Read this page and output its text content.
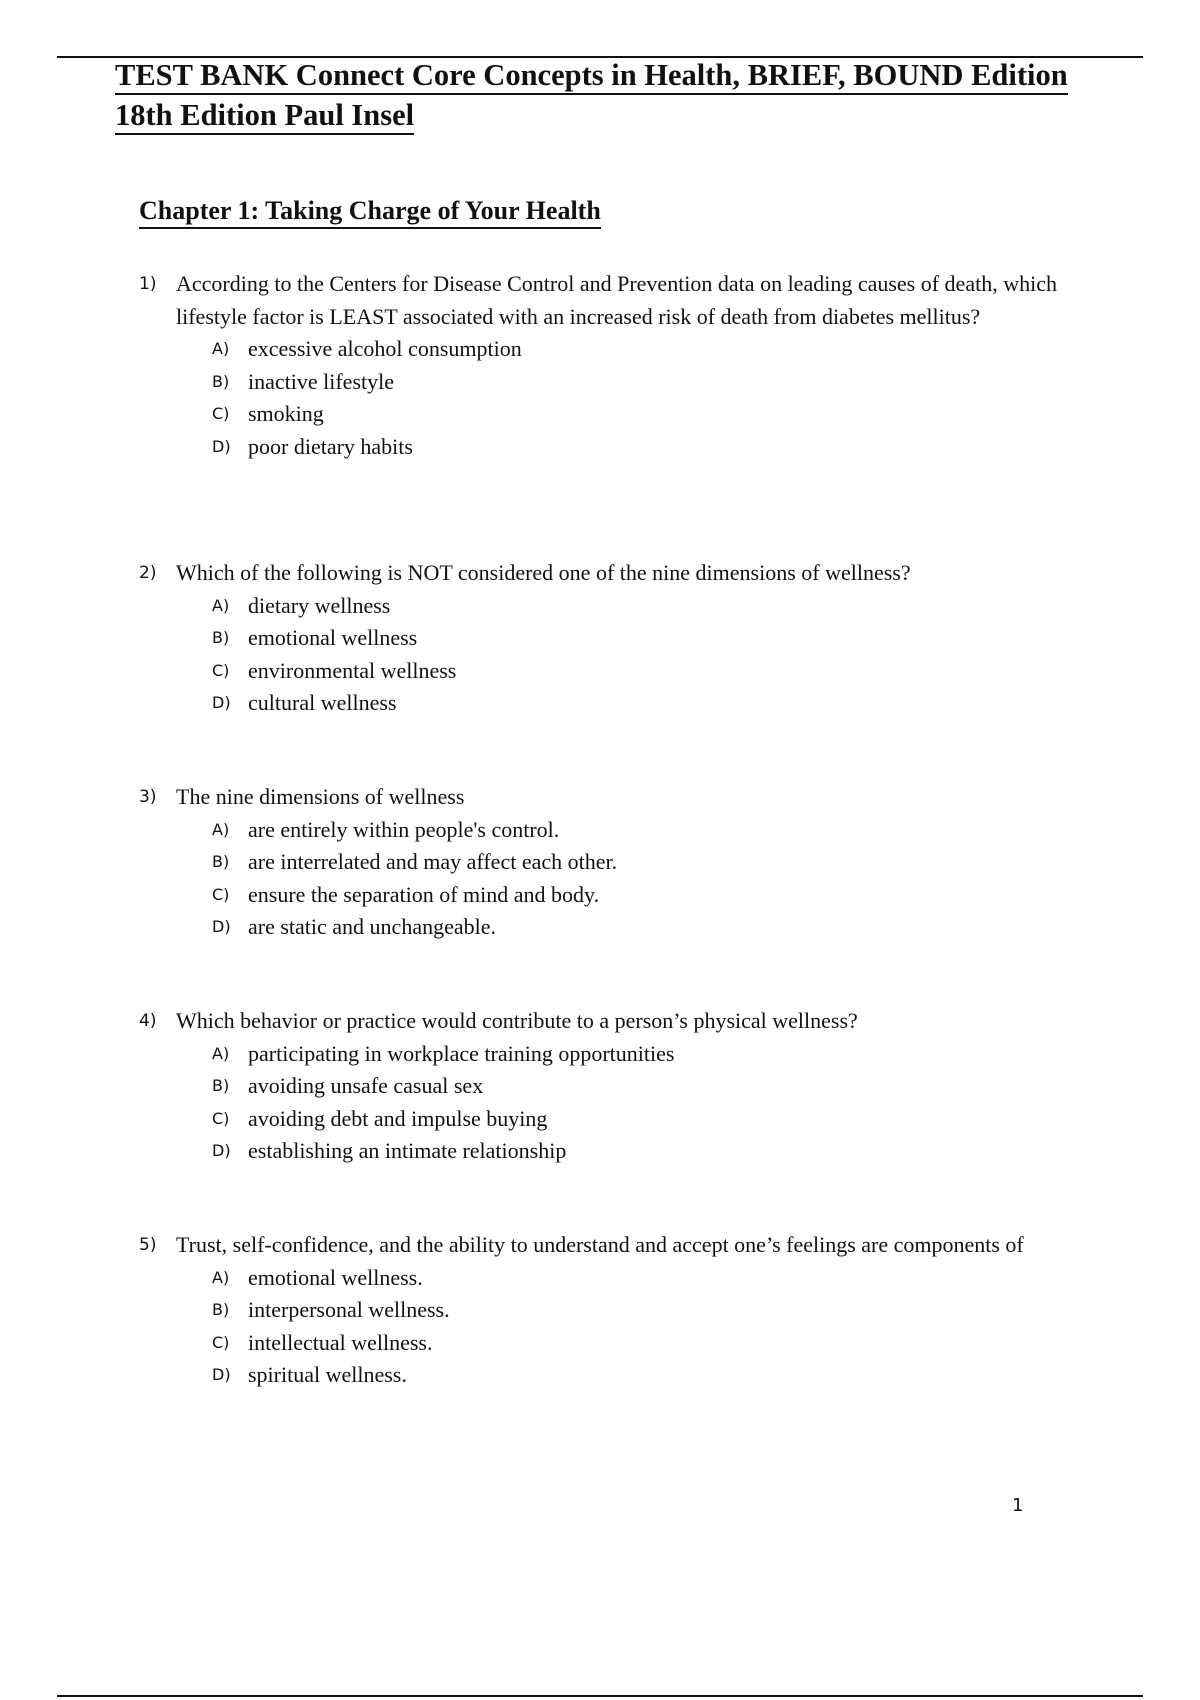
TEST BANK Connect Core Concepts in Health, BRIEF, BOUND Edition
18th Edition Paul Insel
Chapter 1: Taking Charge of Your Health
1) According to the Centers for Disease Control and Prevention data on leading causes of death, which lifestyle factor is LEAST associated with an increased risk of death from diabetes mellitus?
A) excessive alcohol consumption
B) inactive lifestyle
C) smoking
D) poor dietary habits
2) Which of the following is NOT considered one of the nine dimensions of wellness?
A) dietary wellness
B) emotional wellness
C) environmental wellness
D) cultural wellness
3) The nine dimensions of wellness
A) are entirely within people's control.
B) are interrelated and may affect each other.
C) ensure the separation of mind and body.
D) are static and unchangeable.
4) Which behavior or practice would contribute to a person’s physical wellness?
A) participating in workplace training opportunities
B) avoiding unsafe casual sex
C) avoiding debt and impulse buying
D) establishing an intimate relationship
5) Trust, self-confidence, and the ability to understand and accept one’s feelings are components of
A) emotional wellness.
B) interpersonal wellness.
C) intellectual wellness.
D) spiritual wellness.
1
